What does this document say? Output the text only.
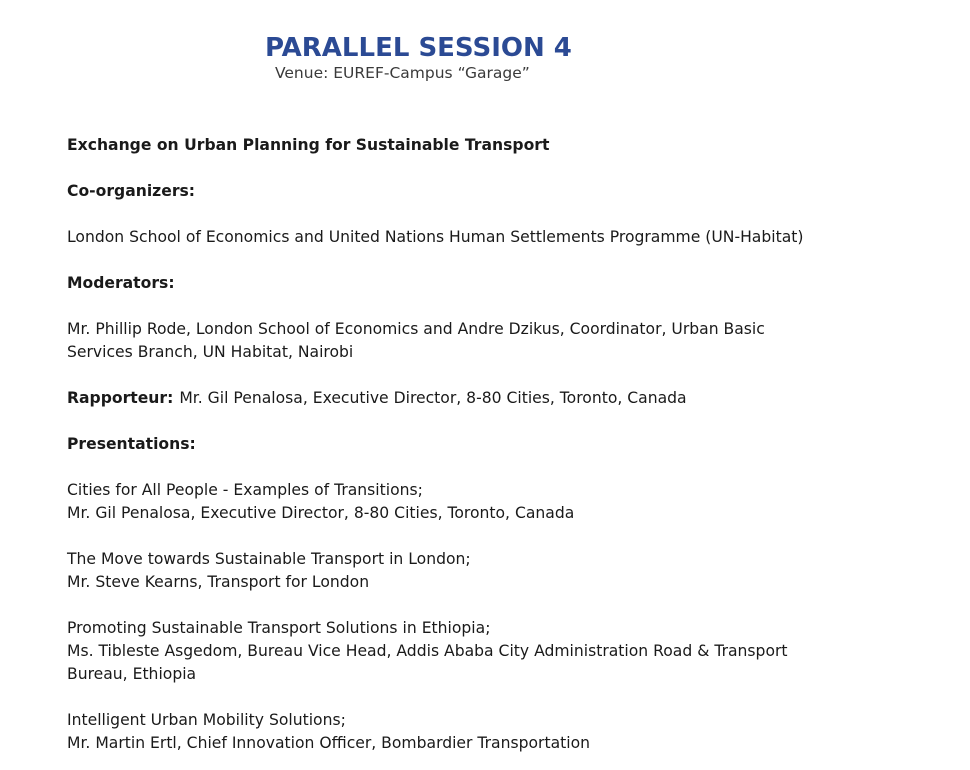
PARALLEL SESSION 4

Venue: EUREF-Campus “Garage”

Exchange on Urban Planning for Sustainable Transport

Co-organizers:

London School of Economics and United Nations Human Settlements Programme (UN-Habitat)

Moderators:

Mr. Phillip Rode, London School of Economics and Andre Dzikus, Coordinator, Urban Basic

Services Branch, UN Habitat, Nairobi

Rapporteur: Mr. Gil Penalosa, Executive Director, 8-80 Cities, Toronto, Canada

Presentations:

Cities for All People - Examples of Transitions;

Mr. Gil Penalosa, Executive Director, 8-80 Cities, Toronto, Canada

The Move towards Sustainable Transport in London;

Mr. Steve Kearns, Transport for London

Promoting Sustainable Transport Solutions in Ethiopia;

Ms. Tibleste Asgedom, Bureau Vice Head, Addis Ababa City Administration Road & Transport

Bureau, Ethiopia

Intelligent Urban Mobility Solutions;

Mr. Martin Ertl, Chief Innovation Officer, Bombardier Transportation
